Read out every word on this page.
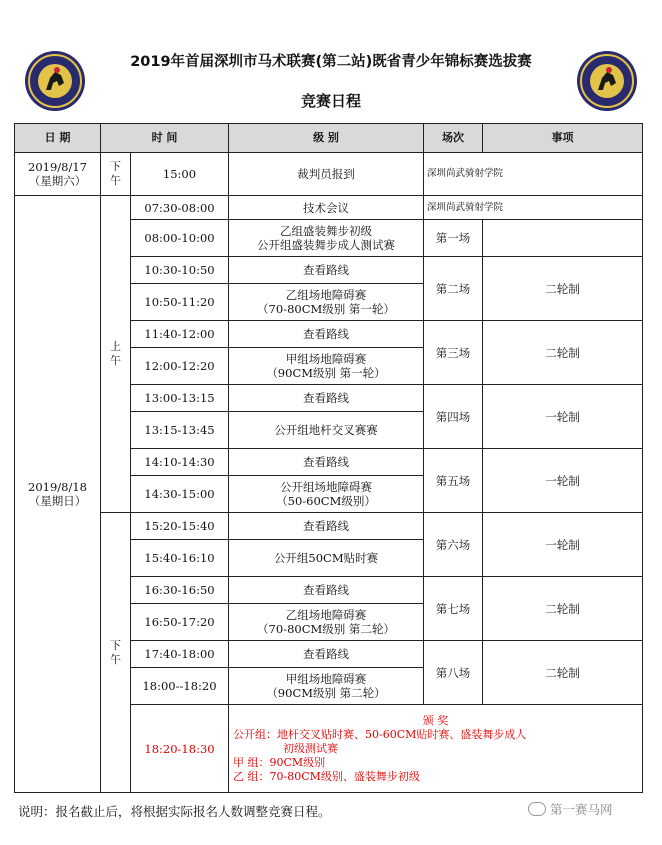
2019年首届深圳市马术联赛(第二站)既省青少年锦标赛选拔赛
竞赛日程
日 期	时 间		级 别	场次	事项

2019/8/17
（星期六）	下午	15:00	裁判员报到	深圳尚武骑射学院	

2019/8/18
（星期日）	上午	07:30-08:00	技术会议	深圳尚武骑射学院	
		08:00-10:00	乙组盛装舞步初级
公开组盛装舞步成人测试赛	第一场	
		10:30-10:50	查看路线	第二场	二轮制
		10:50-11:20	乙组场地障碍赛
（70-80CM级别 第一轮）		

		11:40-12:00	查看路线	第三场	二轮制
		12:00-12:20	甲组场地障碍赛
（90CM级别 第一轮）		

		13:00-13:15	查看路线	第四场	一轮制
		13:15-13:45	公开组地杆交叉赛赛		
		14:10-14:30	查看路线	第五场	一轮制
		14:30-15:00	公开组场地障碍赛
（50-60CM级别）		

	下午	15:20-15:40	查看路线	第六场	一轮制
		15:40-16:10	公开组50CM贴时赛		
		16:30-16:50	查看路线	第七场	二轮制
		16:50-17:20	乙组场地障碍赛
（70-80CM级别 第二轮）		

		17:40-18:00	查看路线	第八场	二轮制
		18:00--18:20	甲组场地障碍赛
（90CM级别 第二轮）		

		18:20-18:30	颁 奖
公开组：地杆交叉贴时赛、50-60CM贴时赛、盛装舞步成人
初级测试赛
甲 组：90CM级别
乙 组：70-80CM级别、盛装舞步初级		
说明：报名截止后，将根据实际报名人数调整竞赛日程。	第一赛马网
